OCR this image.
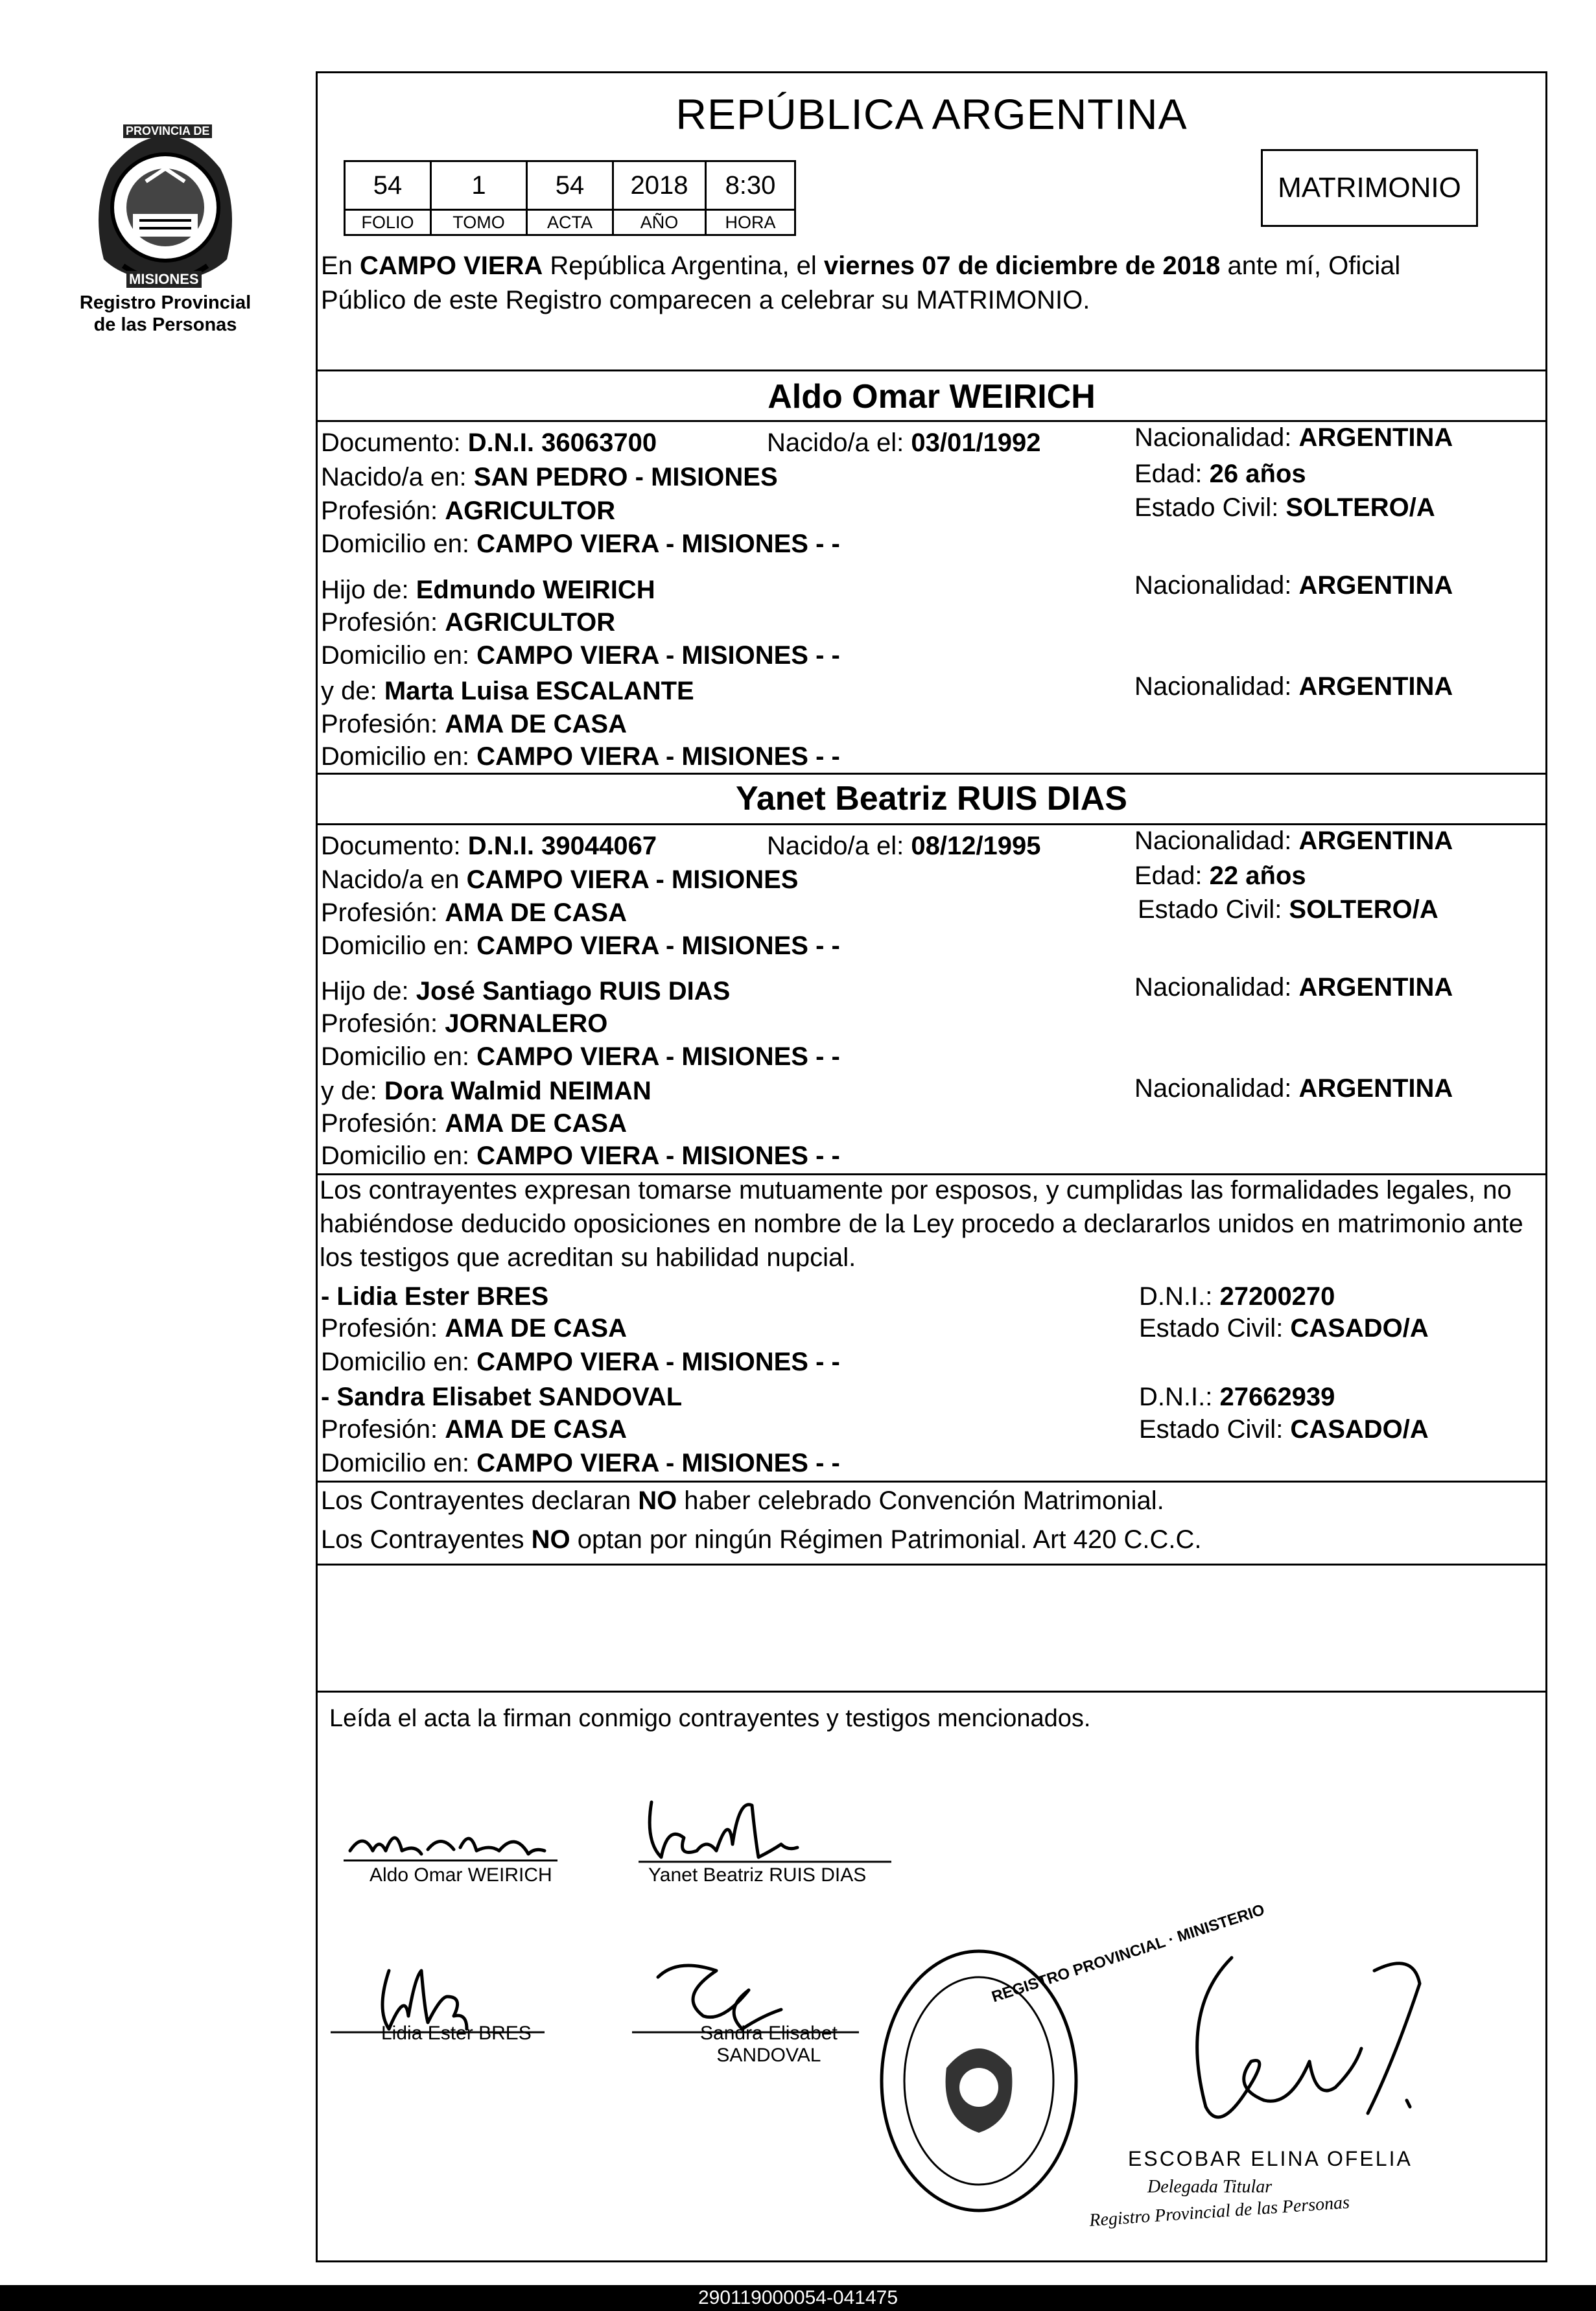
PROVINCIA DE
MISIONES
Registro Provincial
de las Personas
REPÚBLICA ARGENTINA
54	1	54	2018	8:30
FOLIO	TOMO	ACTA	AÑO	HORA
MATRIMONIO
En CAMPO VIERA República Argentina, el viernes 07 de diciembre de 2018 ante mí, Oficial
Público de este Registro comparecen a celebrar su MATRIMONIO.
Aldo Omar WEIRICH
Documento: D.N.I. 36063700	Nacido/a el: 03/01/1992	Nacionalidad: ARGENTINA
Nacido/a en: SAN PEDRO - MISIONES	Edad: 26 años
Profesión: AGRICULTOR	Estado Civil: SOLTERO/A
Domicilio en: CAMPO VIERA - MISIONES - -
Hijo de: Edmundo WEIRICH	Nacionalidad: ARGENTINA
Profesión: AGRICULTOR
Domicilio en: CAMPO VIERA - MISIONES - -
y de: Marta Luisa ESCALANTE	Nacionalidad: ARGENTINA
Profesión: AMA DE CASA
Domicilio en: CAMPO VIERA - MISIONES - -
Yanet Beatriz RUIS DIAS
Documento: D.N.I. 39044067	Nacido/a el: 08/12/1995	Nacionalidad: ARGENTINA
Nacido/a en CAMPO VIERA - MISIONES	Edad: 22 años
Profesión: AMA DE CASA	Estado Civil: SOLTERO/A
Domicilio en: CAMPO VIERA - MISIONES - -
Hijo de: José Santiago RUIS DIAS	Nacionalidad: ARGENTINA
Profesión: JORNALERO
Domicilio en: CAMPO VIERA - MISIONES - -
y de: Dora Walmid NEIMAN	Nacionalidad: ARGENTINA
Profesión: AMA DE CASA
Domicilio en: CAMPO VIERA - MISIONES - -
Los contrayentes expresan tomarse mutuamente por esposos, y cumplidas las formalidades legales, no
habiéndose deducido oposiciones en nombre de la Ley procedo a declararlos unidos en matrimonio ante
los testigos que acreditan su habilidad nupcial.
- Lidia Ester BRES	D.N.I.: 27200270
Profesión: AMA DE CASA	Estado Civil: CASADO/A
Domicilio en: CAMPO VIERA - MISIONES - -
- Sandra Elisabet SANDOVAL	D.N.I.: 27662939
Profesión: AMA DE CASA	Estado Civil: CASADO/A
Domicilio en: CAMPO VIERA - MISIONES - -
Los Contrayentes declaran NO haber celebrado Convención Matrimonial.
Los Contrayentes NO optan por ningún Régimen Patrimonial. Art 420 C.C.C.
Leída el acta la firman conmigo contrayentes y testigos mencionados.
Aldo Omar WEIRICH	Yanet Beatriz RUIS DIAS
Lidia Ester BRES	Sandra Elisabet
SANDOVAL
REGISTRO PROVINCIAL · MINISTERIO
ESCOBAR ELINA OFELIA
Delegada Titular
Registro Provincial de las Personas
290119000054-041475
